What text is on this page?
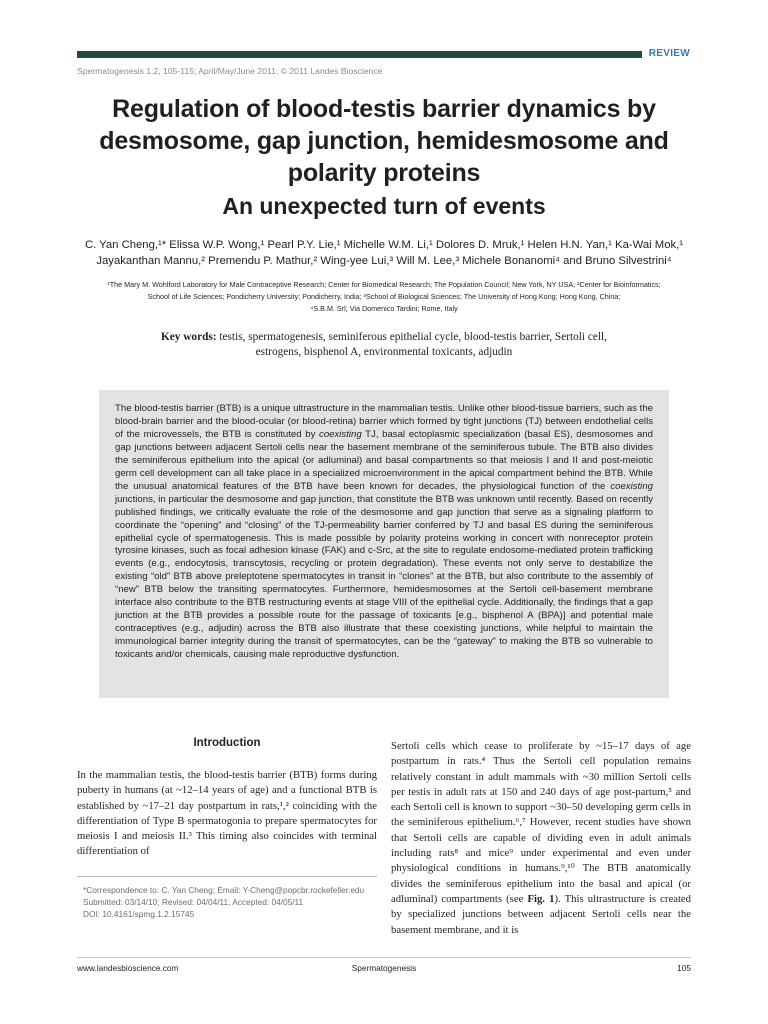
REVIEW
Spermatogenesis 1:2, 105-115; April/May/June 2011; © 2011 Landes Bioscience
Regulation of blood-testis barrier dynamics by desmosome, gap junction, hemidesmosome and polarity proteins
An unexpected turn of events
C. Yan Cheng,¹* Elissa W.P. Wong,¹ Pearl P.Y. Lie,¹ Michelle W.M. Li,¹ Dolores D. Mruk,¹ Helen H.N. Yan,¹ Ka-Wai Mok,¹
Jayakanthan Mannu,² Premendu P. Mathur,² Wing-yee Lui,³ Will M. Lee,³ Michele Bonanomi⁴ and Bruno Silvestrini⁴
¹The Mary M. Wohlford Laboratory for Male Contraceptive Research; Center for Biomedical Research; The Population Council; New York, NY USA; ²Center for Bioinformatics;
School of Life Sciences; Pondicherry University; Pondicherry, India; ³School of Biological Sciences; The University of Hong Kong; Hong Kong, China;
⁴S.B.M. Srl; Via Domenico Tardini; Rome, Italy
Key words: testis, spermatogenesis, seminiferous epithelial cycle, blood-testis barrier, Sertoli cell, estrogens, bisphenol A, environmental toxicants, adjudin

The blood-testis barrier (BTB) is a unique ultrastructure in the mammalian testis. Unlike other blood-tissue barriers, such as the blood-brain barrier and the blood-ocular (or blood-retina) barrier which formed by tight junctions (TJ) between endothelial cells of the microvessels, the BTB is constituted by coexisting TJ, basal ectoplasmic specialization (basal ES), desmosomes and gap junctions between adjacent Sertoli cells near the basement membrane of the seminiferous tubule. The BTB also divides the seminiferous epithelium into the apical (or adluminal) and basal compartments so that meiosis I and II and post-meiotic germ cell development can all take place in a specialized microenvironment in the apical compartment behind the BTB. While the unusual anatomical features of the BTB have been known for decades, the physiological function of the coexisting junctions, in particular the desmosome and gap junction, that constitute the BTB was unknown until recently. Based on recently published findings, we critically evaluate the role of the desmosome and gap junction that serve as a signaling platform to coordinate the “opening” and “closing” of the TJ-permeability barrier conferred by TJ and basal ES during the seminiferous epithelial cycle of spermatogenesis. This is made possible by polarity proteins working in concert with nonreceptor protein tyrosine kinases, such as focal adhesion kinase (FAK) and c-Src, at the site to regulate endosome-mediated protein trafficking events (e.g., endocytosis, transcytosis, recycling or protein degradation). These events not only serve to destabilize the existing “old” BTB above preleptotene spermatocytes in transit in “clones” at the BTB, but also contribute to the assembly of “new” BTB below the transiting spermatocytes. Furthermore, hemidesmosomes at the Sertoli cell-basement membrane interface also contribute to the BTB restructuring events at stage VIII of the epithelial cycle. Additionally, the findings that a gap junction at the BTB provides a possible route for the passage of toxicants [e.g., bisphenol A (BPA)] and potential male contraceptives (e.g., adjudin) across the BTB also illustrate that these coexisting junctions, while helpful to maintain the immunological barrier integrity during the transit of spermatocytes, can be the “gateway” to making the BTB so vulnerable to toxicants and/or chemicals, causing male reproductive dysfunction.

Introduction

In the mammalian testis, the blood-testis barrier (BTB) forms during puberty in humans (at ~12–14 years of age) and a functional BTB is established by ~17–21 day postpartum in rats,¹,² coinciding with the differentiation of Type B spermatogonia to prepare spermatocytes for meiosis I and meiosis II.³ This timing also coincides with terminal differentiation of

Sertoli cells which cease to proliferate by ~15–17 days of age postpartum in rats.⁴ Thus the Sertoli cell population remains relatively constant in adult mammals with ~30 million Sertoli cells per testis in adult rats at 150 and 240 days of age post-partum,⁵ and each Sertoli cell is known to support ~30–50 developing germ cells in the seminiferous epithelium.⁶,⁷ However, recent studies have shown that Sertoli cells are capable of dividing even in adult animals including rats⁸ and mice⁹ under experimental and even under physiological conditions in humans.⁹,¹⁰ The BTB anatomically divides the seminiferous epithelium into the basal and apical (or adluminal) compartments (see Fig. 1). This ultrastructure is created by specialized junctions between adjacent Sertoli cells near the basement membrane, and it is

*Correspondence to: C. Yan Cheng; Email: Y-Cheng@popcbr.rockefeller.edu
Submitted: 03/14/10; Revised: 04/04/11; Accepted: 04/05/11
DOI: 10.4161/spmg.1.2.15745
www.landesbioscience.com	Spermatogenesis	105
